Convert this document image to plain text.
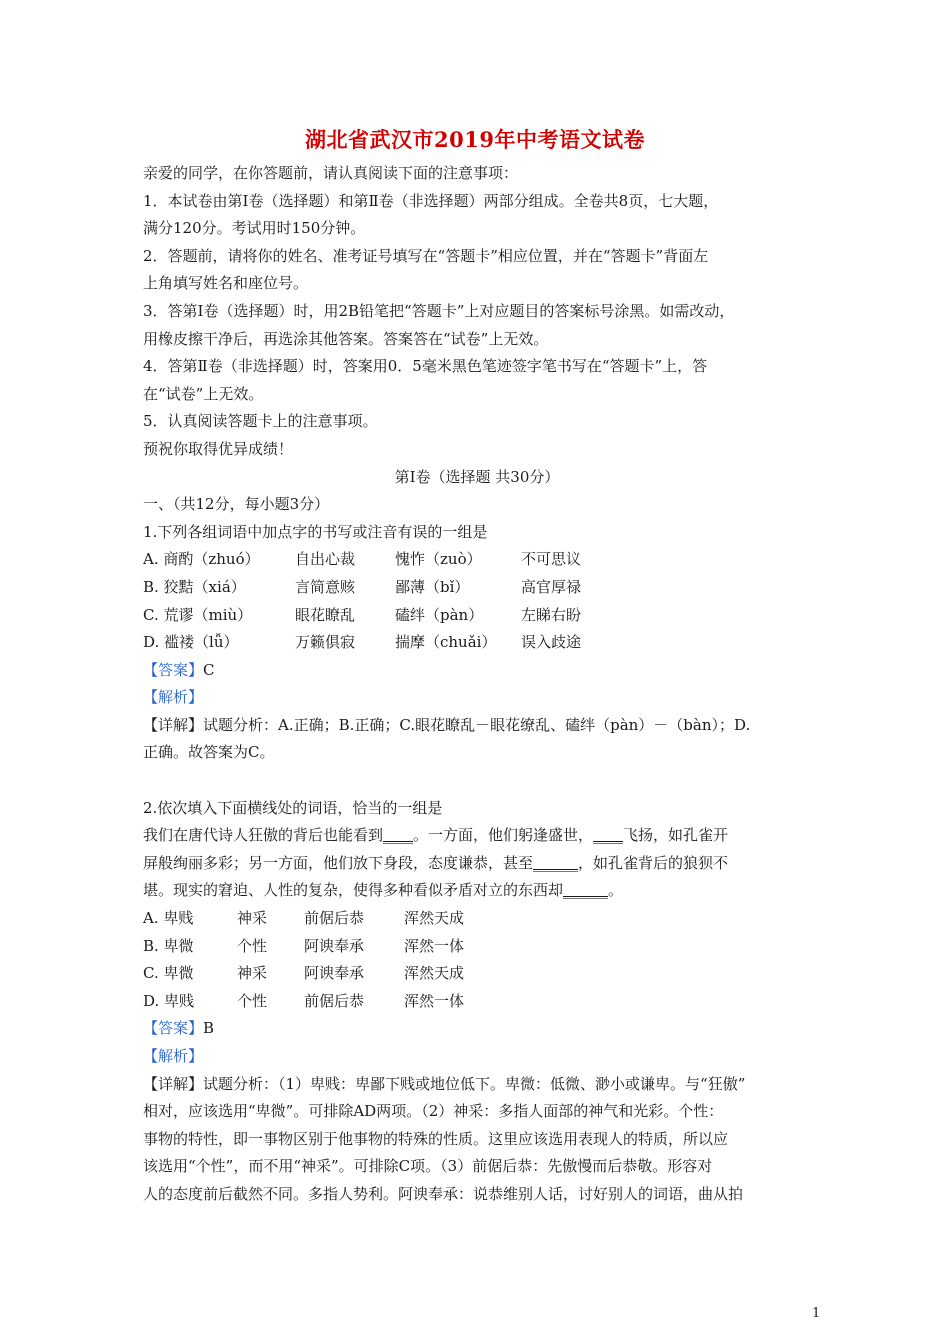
湖北省武汉市2019年中考语文试卷
亲爱的同学，在你答题前，请认真阅读下面的注意事项：
1．本试卷由第Ⅰ卷（选择题）和第Ⅱ卷（非选择题）两部分组成。全卷共8页，七大题，
满分120分。考试用时150分钟。
2．答题前，请将你的姓名、准考证号填写在“答题卡”相应位置，并在“答题卡”背面左
上角填写姓名和座位号。
3．答第Ⅰ卷（选择题）时，用2B铅笔把“答题卡”上对应题目的答案标号涂黑。如需改动，
用橡皮擦干净后，再选涂其他答案。答案答在“试卷”上无效。
4．答第Ⅱ卷（非选择题）时，答案用0．5毫米黑色笔迹签字笔书写在“答题卡”上，答
在“试卷”上无效。
5．认真阅读答题卡上的注意事项。
预祝你取得优异成绩！
第Ⅰ卷（选择题 共30分）
一、（共12分，每小题3分）
1.下列各组词语中加点字的书写或注音有误的一组是
A. 商酌（zhuó）	自出心裁	愧怍（zuò）	不可思议
B. 狡黠（xiá）	言简意赅	鄙薄（bǐ）	高官厚禄
C. 荒谬（miù）	眼花瞭乱	磕绊（pàn）	左睇右盼
D. 褴褛（lǚ）	万籁俱寂	揣摩（chuǎi）	误入歧途
【答案】C
【解析】
【详解】试题分析：A.正确；B.正确；C.眼花瞭乱－眼花缭乱、磕绊（pàn）－（bàn）；D.
正确。故答案为C。
2.依次填入下面横线处的词语，恰当的一组是
我们在唐代诗人狂傲的背后也能看到____。一方面，他们躬逢盛世，____飞扬，如孔雀开
屏般绚丽多彩；另一方面，他们放下身段，态度谦恭，甚至______，如孔雀背后的狼狈不
堪。现实的窘迫、人性的复杂，使得多种看似矛盾对立的东西却______。
A. 卑贱	神采	前倨后恭	浑然天成
B. 卑微	个性	阿谀奉承	浑然一体
C. 卑微	神采	阿谀奉承	浑然天成
D. 卑贱	个性	前倨后恭	浑然一体
【答案】B
【解析】
【详解】试题分析：（1）卑贱：卑鄙下贱或地位低下。卑微：低微、渺小或谦卑。与“狂傲”
相对，应该选用“卑微”。可排除AD两项。（2）神采：多指人面部的神气和光彩。个性：
事物的特性，即一事物区别于他事物的特殊的性质。这里应该选用表现人的特质，所以应
该选用“个性”，而不用“神采”。可排除C项。（3）前倨后恭：先傲慢而后恭敬。形容对
人的态度前后截然不同。多指人势利。阿谀奉承：说恭维别人话，讨好别人的词语，曲从拍
1
